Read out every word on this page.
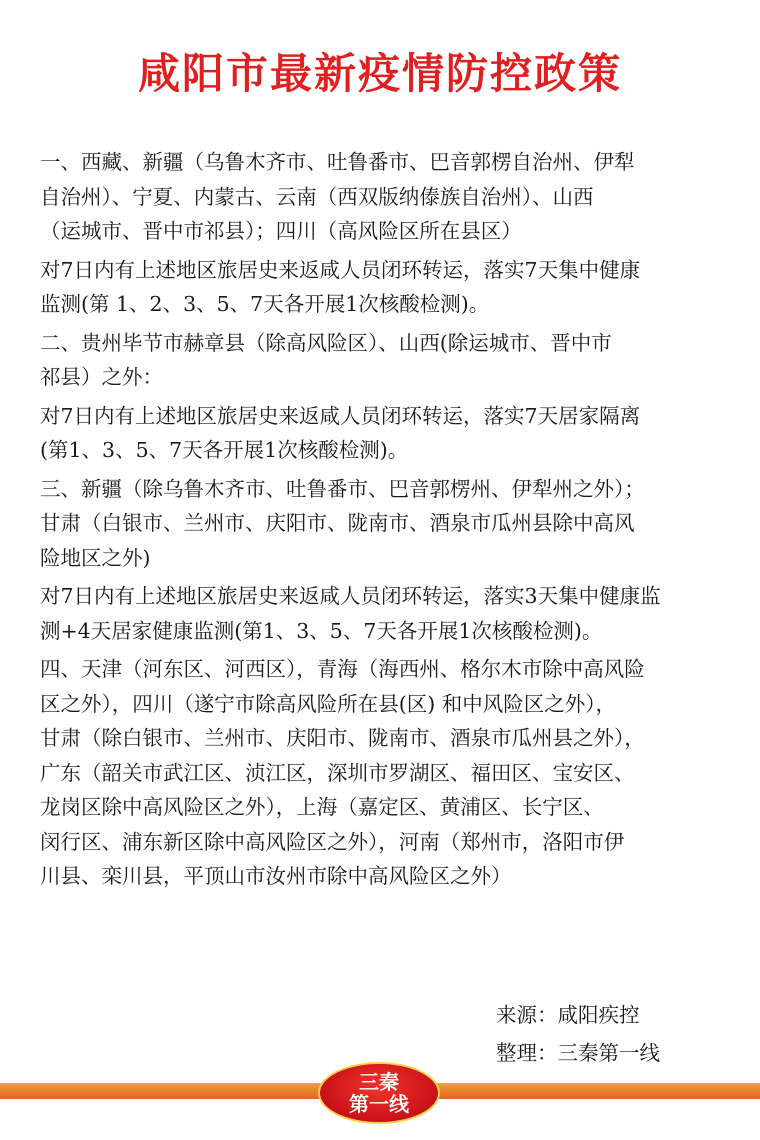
咸阳市最新疫情防控政策
一、西藏、新疆（乌鲁木齐市、吐鲁番市、巴音郭楞自治州、伊犁
自治州）、宁夏、内蒙古、云南（西双版纳傣族自治州）、山西
（运城市、晋中市祁县）；四川（高风险区所在县区）
对7日内有上述地区旅居史来返咸人员闭环转运，落实7天集中健康
监测(第 1、2、3、5、7天各开展1次核酸检测)。
二、贵州毕节市赫章县（除高风险区）、山西(除运城市、晋中市
祁县）之外：
对7日内有上述地区旅居史来返咸人员闭环转运，落实7天居家隔离
(第1、3、5、7天各开展1次核酸检测)。
三、新疆（除乌鲁木齐市、吐鲁番市、巴音郭楞州、伊犁州之外）；
甘肃（白银市、兰州市、庆阳市、陇南市、酒泉市瓜州县除中高风
险地区之外)
对7日内有上述地区旅居史来返咸人员闭环转运，落实3天集中健康监
测+4天居家健康监测(第1、3、5、7天各开展1次核酸检测)。
四、天津（河东区、河西区），青海（海西州、格尔木市除中高风险
区之外），四川（遂宁市除高风险所在县(区) 和中风险区之外），
甘肃（除白银市、兰州市、庆阳市、陇南市、酒泉市瓜州县之外），
广东（韶关市武江区、浈江区，深圳市罗湖区、福田区、宝安区、
龙岗区除中高风险区之外），上海（嘉定区、黄浦区、长宁区、
闵行区、浦东新区除中高风险区之外），河南（郑州市，洛阳市伊
川县、栾川县，平顶山市汝州市除中高风险区之外）
来源：咸阳疾控
整理：三秦第一线
三秦
第一线
